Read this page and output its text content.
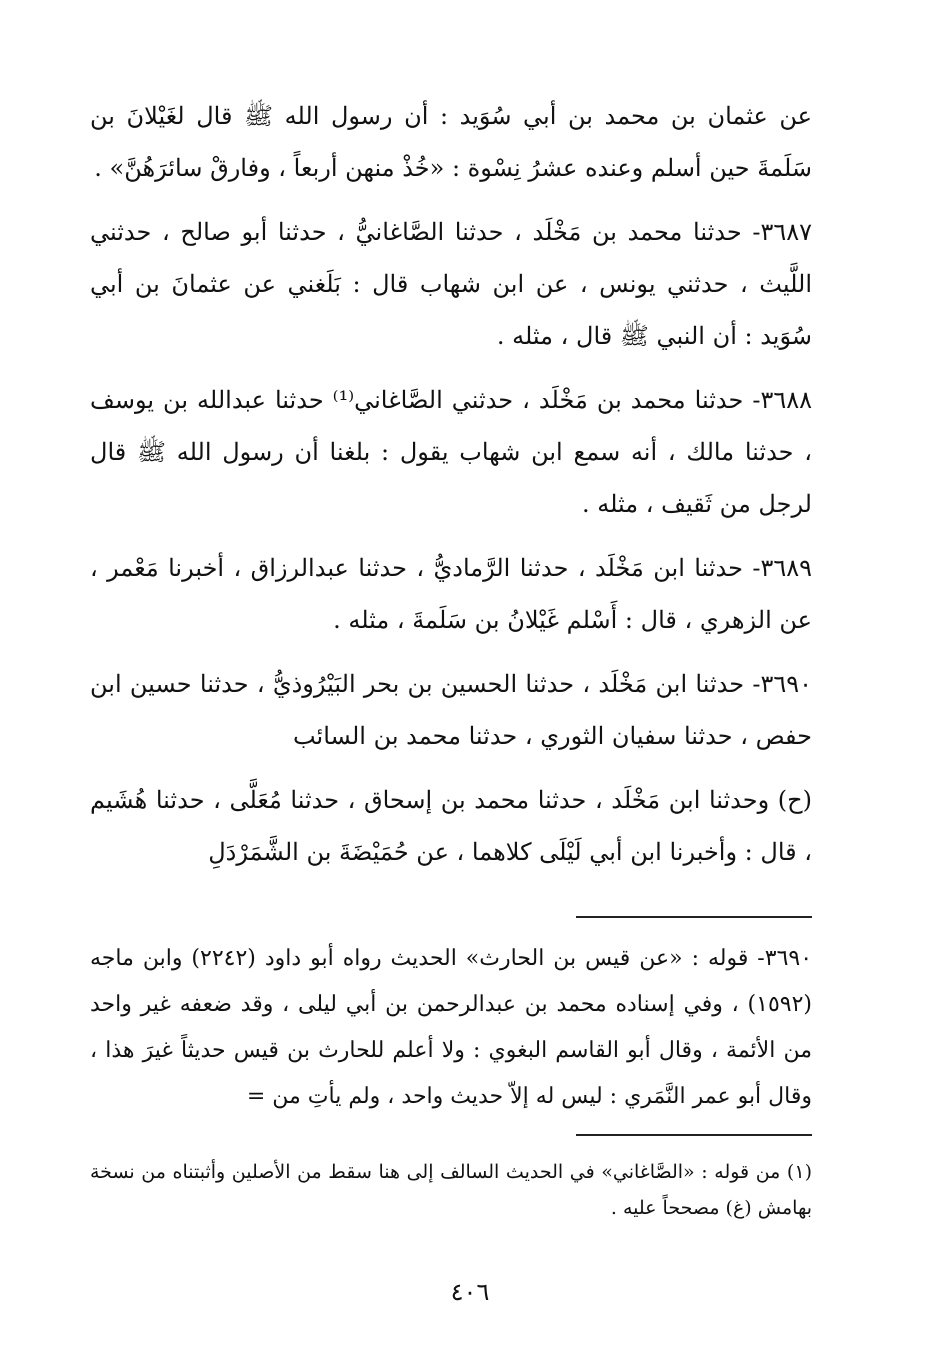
عن عثمان بن محمد بن أبي سُوَيد : أن رسول الله ﷺ قال لغَيْلانَ بن سَلَمةَ حين أسلم وعنده عشرُ نِسْوة : «خُذْ منهن أربعاً ، وفارقْ سائرَهُنَّ» .

٣٦٨٧- حدثنا محمد بن مَخْلَد ، حدثنا الصَّاغانيُّ ، حدثنا أبو صالح ، حدثني اللَّيث ، حدثني يونس ، عن ابن شهاب قال : بَلَغني عن عثمانَ بن أبي سُوَيد : أن النبي ﷺ قال ، مثله .

٣٦٨٨- حدثنا محمد بن مَخْلَد ، حدثني الصَّاغاني⁽¹⁾ حدثنا عبدالله بن يوسف ، حدثنا مالك ، أنه سمع ابن شهاب يقول : بلغنا أن رسول الله ﷺ قال لرجل من ثَقيف ، مثله .

٣٦٨٩- حدثنا ابن مَخْلَد ، حدثنا الرَّماديُّ ، حدثنا عبدالرزاق ، أخبرنا مَعْمر ، عن الزهري ، قال : أَسْلم غَيْلانُ بن سَلَمةَ ، مثله .

٣٦٩٠- حدثنا ابن مَخْلَد ، حدثنا الحسين بن بحر البَيْرُوذيُّ ، حدثنا حسين ابن حفص ، حدثنا سفيان الثوري ، حدثنا محمد بن السائب

(ح) وحدثنا ابن مَخْلَد ، حدثنا محمد بن إسحاق ، حدثنا مُعَلَّى ، حدثنا هُشَيم ، قال : وأخبرنا ابن أبي لَيْلَى كلاهما ، عن حُمَيْضَةَ بن الشَّمَرْدَلِ

٣٦٩٠- قوله : «عن قيس بن الحارث» الحديث رواه أبو داود (٢٢٤٢) وابن ماجه (١٥٩٢) ، وفي إسناده محمد بن عبدالرحمن بن أبي ليلى ، وقد ضعفه غير واحد من الأئمة ، وقال أبو القاسم البغوي : ولا أعلم للحارث بن قيس حديثاً غيرَ هذا ، وقال أبو عمر النَّمَري : ليس له إلاّ حديث واحد ، ولم يأتِ من =

(١) من قوله : «الصَّاغاني» في الحديث السالف إلى هنا سقط من الأصلين وأثبتناه من نسخة بهامش (غ) مصححاً عليه .

٤٠٦
